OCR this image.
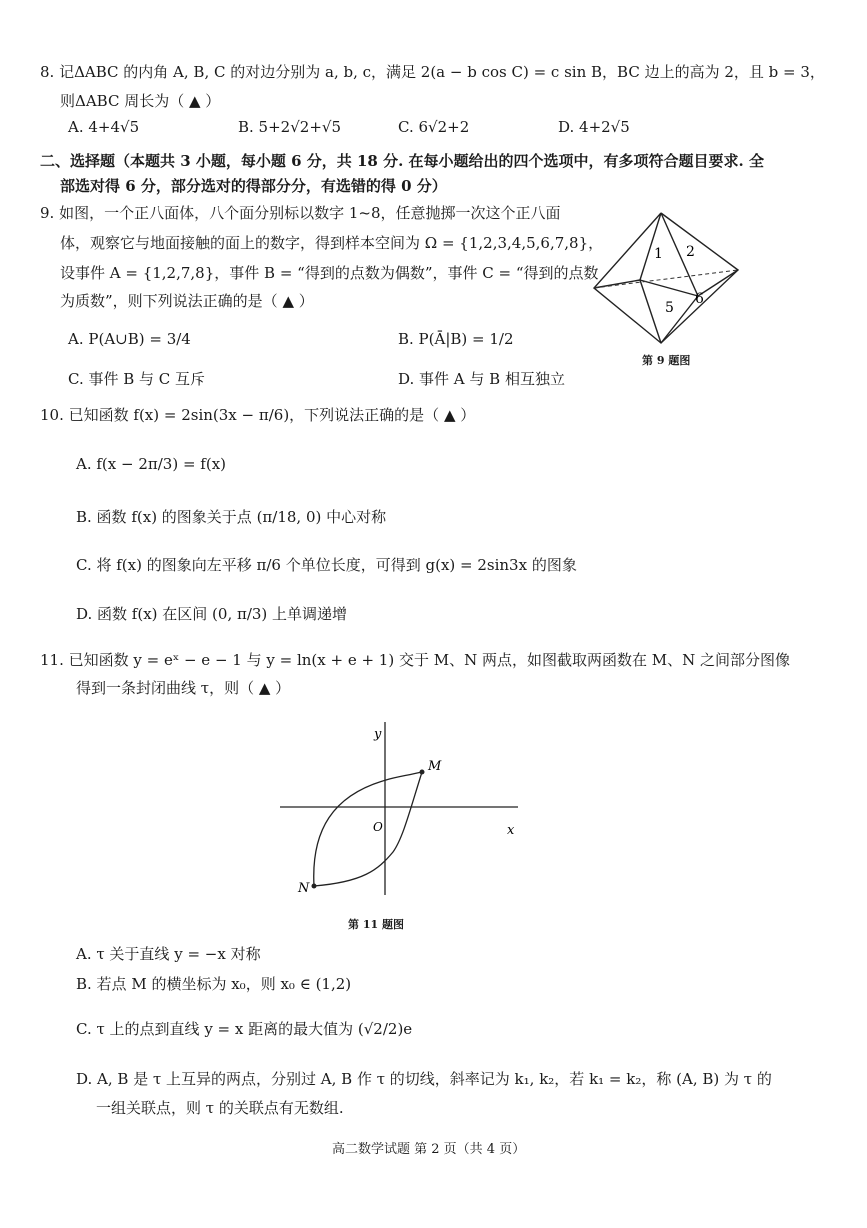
8. 记ΔABC 的内角 A, B, C 的对边分别为 a, b, c，满足 2(a − b cos C) = c sin B，BC 边上的高为 2，且 b = 3，
则ΔABC 周长为（ ▲ ）
A. 4+4√5	B. 5+2√2+√5	C. 6√2+2	D. 4+2√5
二、选择题（本题共 3 小题，每小题 6 分，共 18 分. 在每小题给出的四个选项中，有多项符合题目要求. 全
部选对得 6 分，部分选对的得部分分，有选错的得 0 分）
9. 如图，一个正八面体，八个面分别标以数字 1~8，任意抛掷一次这个正八面
体，观察它与地面接触的面上的数字，得到样本空间为 Ω = {1,2,3,4,5,6,7,8}，
设事件 A = {1,2,7,8}，事件 B = “得到的点数为偶数”，事件 C = “得到的点数
为质数”，则下列说法正确的是（ ▲ ）
A. P(A∪B) = 3/4	B. P(Ā|B) = 1/2
C. 事件 B 与 C 互斥	D. 事件 A 与 B 相互独立
1 2
5
6
第 9 题图
10. 已知函数 f(x) = 2sin(3x − π/6)，下列说法正确的是（ ▲ ）
A. f(x − 2π/3) = f(x)
B. 函数 f(x) 的图象关于点 (π/18, 0) 中心对称
C. 将 f(x) 的图象向左平移 π/6 个单位长度，可得到 g(x) = 2sin3x 的图象
D. 函数 f(x) 在区间 (0, π/3) 上单调递增
11. 已知函数 y = eˣ − e − 1 与 y = ln(x + e + 1) 交于 M、N 两点，如图截取两函数在 M、N 之间部分图像
得到一条封闭曲线 τ，则（ ▲ ）
y
x
O
M
N
第 11 题图
A. τ 关于直线 y = −x 对称
B. 若点 M 的横坐标为 x₀，则 x₀ ∈ (1,2)
C. τ 上的点到直线 y = x 距离的最大值为 (√2/2)e
D. A, B 是 τ 上互异的两点，分别过 A, B 作 τ 的切线，斜率记为 k₁, k₂，若 k₁ = k₂，称 (A, B) 为 τ 的
一组关联点，则 τ 的关联点有无数组.
高二数学试题 第 2 页（共 4 页）
